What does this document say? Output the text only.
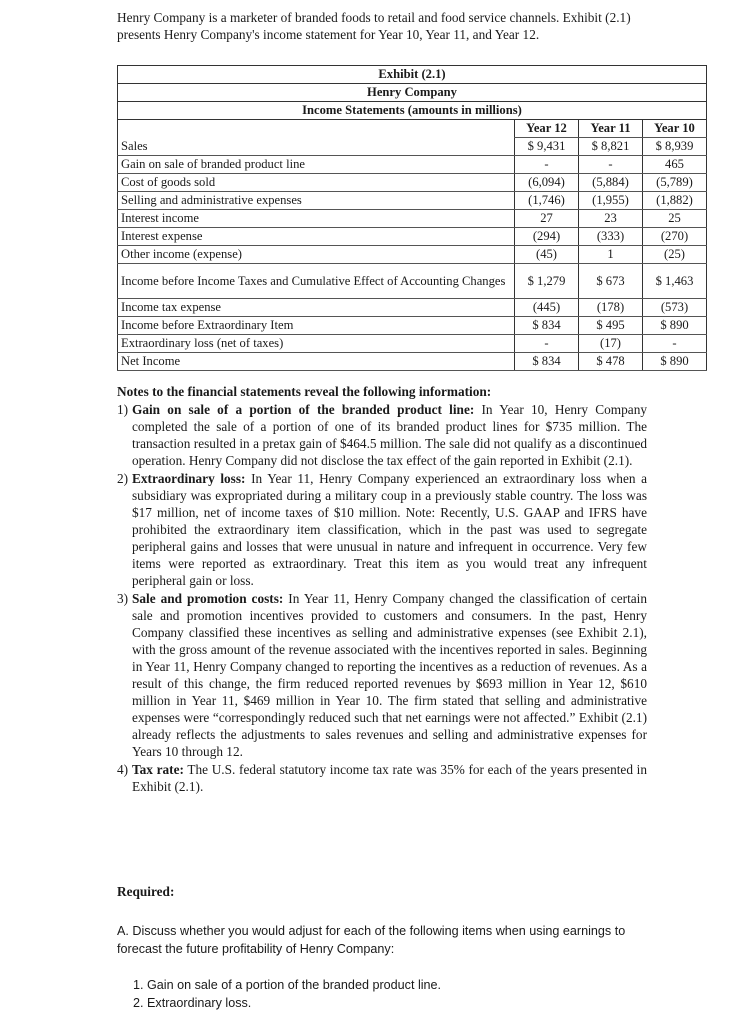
Henry Company is a marketer of branded foods to retail and food service channels. Exhibit (2.1) presents Henry Company's income statement for Year 10, Year 11, and Year 12.
Exhibit (2.1)			
Henry Company			
Income Statements (amounts in millions)			
	Year 12	Year 11	Year 10
Sales	$ 9,431	$ 8,821	$ 8,939
Gain on sale of branded product line	-	-	465
Cost of goods sold	(6,094)	(5,884)	(5,789)
Selling and administrative expenses	(1,746)	(1,955)	(1,882)
Interest income	27	23	25
Interest expense	(294)	(333)	(270)
Other income (expense)	(45)	1	(25)
Income before Income Taxes and Cumulative Effect of Accounting Changes	$ 1,279	$ 673	$ 1,463
Income tax expense	(445)	(178)	(573)
Income before Extraordinary Item	$ 834	$ 495	$ 890
Extraordinary loss (net of taxes)	-	(17)	-
Net Income	$ 834	$ 478	$ 890
Notes to the financial statements reveal the following information:
1) Gain on sale of a portion of the branded product line: In Year 10, Henry Company completed the sale of a portion of one of its branded product lines for $735 million. The transaction resulted in a pretax gain of $464.5 million. The sale did not qualify as a discontinued operation. Henry Company did not disclose the tax effect of the gain reported in Exhibit (2.1).
2) Extraordinary loss: In Year 11, Henry Company experienced an extraordinary loss when a subsidiary was expropriated during a military coup in a previously stable country. The loss was $17 million, net of income taxes of $10 million. Note: Recently, U.S. GAAP and IFRS have prohibited the extraordinary item classification, which in the past was used to segregate peripheral gains and losses that were unusual in nature and infrequent in occurrence. Very few items were reported as extraordinary. Treat this item as you would treat any infrequent peripheral gain or loss.
3) Sale and promotion costs: In Year 11, Henry Company changed the classification of certain sale and promotion incentives provided to customers and consumers. In the past, Henry Company classified these incentives as selling and administrative expenses (see Exhibit 2.1), with the gross amount of the revenue associated with the incentives reported in sales. Beginning in Year 11, Henry Company changed to reporting the incentives as a reduction of revenues. As a result of this change, the firm reduced reported revenues by $693 million in Year 12, $610 million in Year 11, $469 million in Year 10. The firm stated that selling and administrative expenses were “correspondingly reduced such that net earnings were not affected.” Exhibit (2.1) already reflects the adjustments to sales revenues and selling and administrative expenses for Years 10 through 12.
4) Tax rate: The U.S. federal statutory income tax rate was 35% for each of the years presented in Exhibit (2.1).
Required:
A. Discuss whether you would adjust for each of the following items when using earnings to forecast the future profitability of Henry Company:
1. Gain on sale of a portion of the branded product line.
2. Extraordinary loss.
